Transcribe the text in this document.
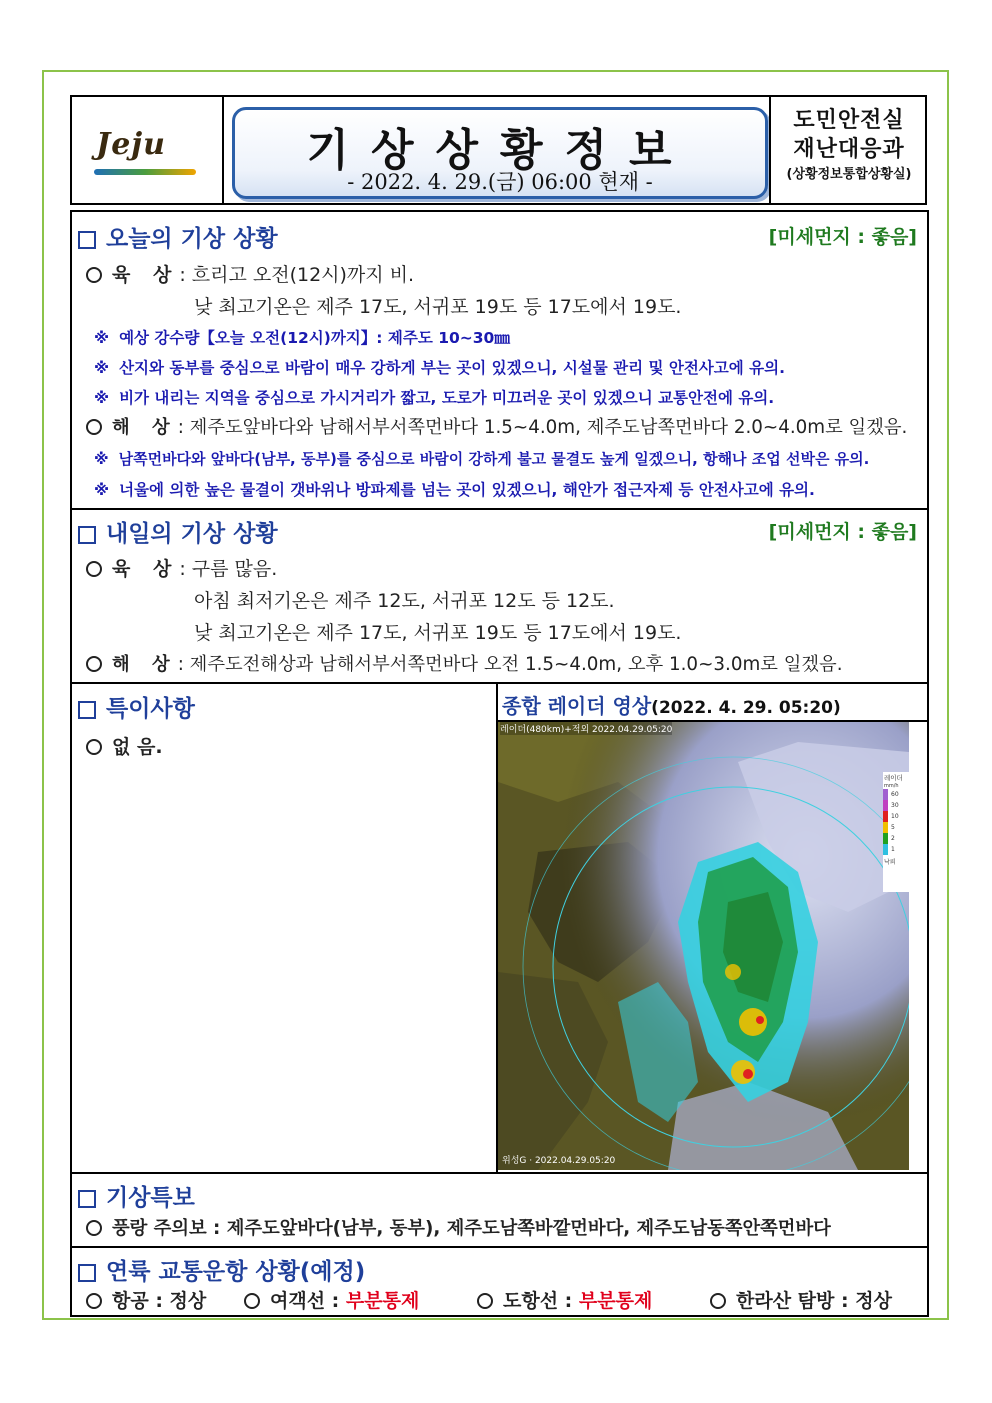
Jeju	기상상황정보
- 2022. 4. 29.(금) 06:00 현재 -
도민안전실
재난대응과
(상황정보통합상황실)
오늘의 기상 상황	[미세먼지 : 좋음]
육 상: 흐리고 오전(12시)까지 비.
낮 최고기온은 제주 17도, 서귀포 19도 등 17도에서 19도.
※ 예상 강수량【오늘 오전(12시)까지】: 제주도 10~30㎜
※ 산지와 동부를 중심으로 바람이 매우 강하게 부는 곳이 있겠으니, 시설물 관리 및 안전사고에 유의.
※ 비가 내리는 지역을 중심으로 가시거리가 짧고, 도로가 미끄러운 곳이 있겠으니 교통안전에 유의.
해 상: 제주도앞바다와 남해서부서쪽먼바다 1.5~4.0m, 제주도남쪽먼바다 2.0~4.0m로 일겠음.
※ 남쪽먼바다와 앞바다(남부, 동부)를 중심으로 바람이 강하게 불고 물결도 높게 일겠으니, 항해나 조업 선박은 유의.
※ 너울에 의한 높은 물결이 갯바위나 방파제를 넘는 곳이 있겠으니, 해안가 접근자제 등 안전사고에 유의.
내일의 기상 상황	[미세먼지 : 좋음]
육 상: 구름 많음.
아침 최저기온은 제주 12도, 서귀포 12도 등 12도.
낮 최고기온은 제주 17도, 서귀포 19도 등 17도에서 19도.
해 상: 제주도전해상과 남해서부서쪽먼바다 오전 1.5~4.0m, 오후 1.0~3.0m로 일겠음.
특이사항
없 음.
종합 레이더 영상(2022. 4. 29. 05:20)
레이더(480km)+적외 2022.04.29.05:20
위성G · 2022.04.29.05:20
레이더
mm/h
60
30
10
5
2
1
낙뢰
기상특보
풍랑 주의보 : 제주도앞바다(남부, 동부), 제주도남쪽바깥먼바다, 제주도남동쪽안쪽먼바다
연륙 교통운항 상황(예정)
항공 : 정상	여객선 : 부분통제	도항선 : 부분통제	한라산 탐방 : 정상
